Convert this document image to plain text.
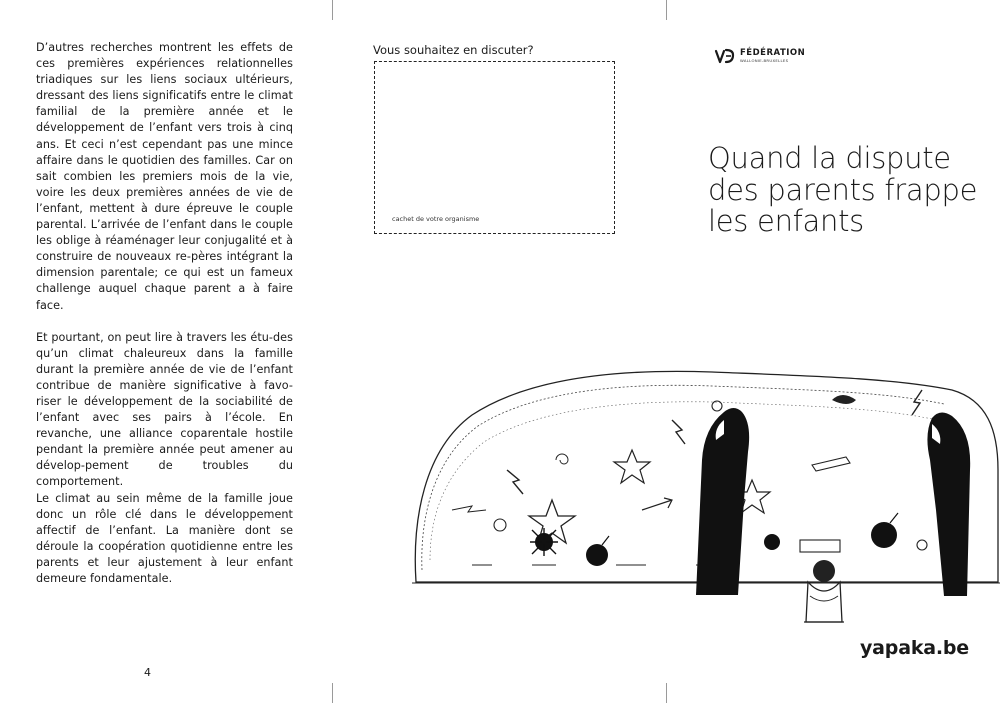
D’autres recherches montrent les effets de ces premières expériences relationnelles triadiques sur les liens sociaux ultérieurs, dressant des liens significatifs entre le climat familial de la première année et le développement de l’enfant vers trois à cinq ans. Et ceci n’est cependant pas une mince affaire dans le quotidien des familles. Car on sait combien les premiers mois de la vie, voire les deux premières années de vie de l’enfant, mettent à dure épreuve le couple parental. L’arrivée de l’enfant dans le couple les oblige à réaménager leur conjugalité et à construire de nouveaux re-pères intégrant la dimension parentale; ce qui est un fameux challenge auquel chaque parent a à faire face.

Et pourtant, on peut lire à travers les étu-des qu’un climat chaleureux dans la famille durant la première année de vie de l’enfant contribue de manière significative à favo-riser le développement de la sociabilité de l’enfant avec ses pairs à l’école. En revanche, une alliance coparentale hostile pendant la première année peut amener au dévelop-pement de troubles du comportement.

Le climat au sein même de la famille joue donc un rôle clé dans le développement affectif de l’enfant. La manière dont se déroule la coopération quotidienne entre les parents et leur ajustement à leur enfant demeure fondamentale.

4
Vous souhaitez en discuter?
cachet de votre organisme
FÉDÉRATION
WALLONIE-BRUXELLES
Quand la dispute des parents frappe les enfants
yapaka.be
